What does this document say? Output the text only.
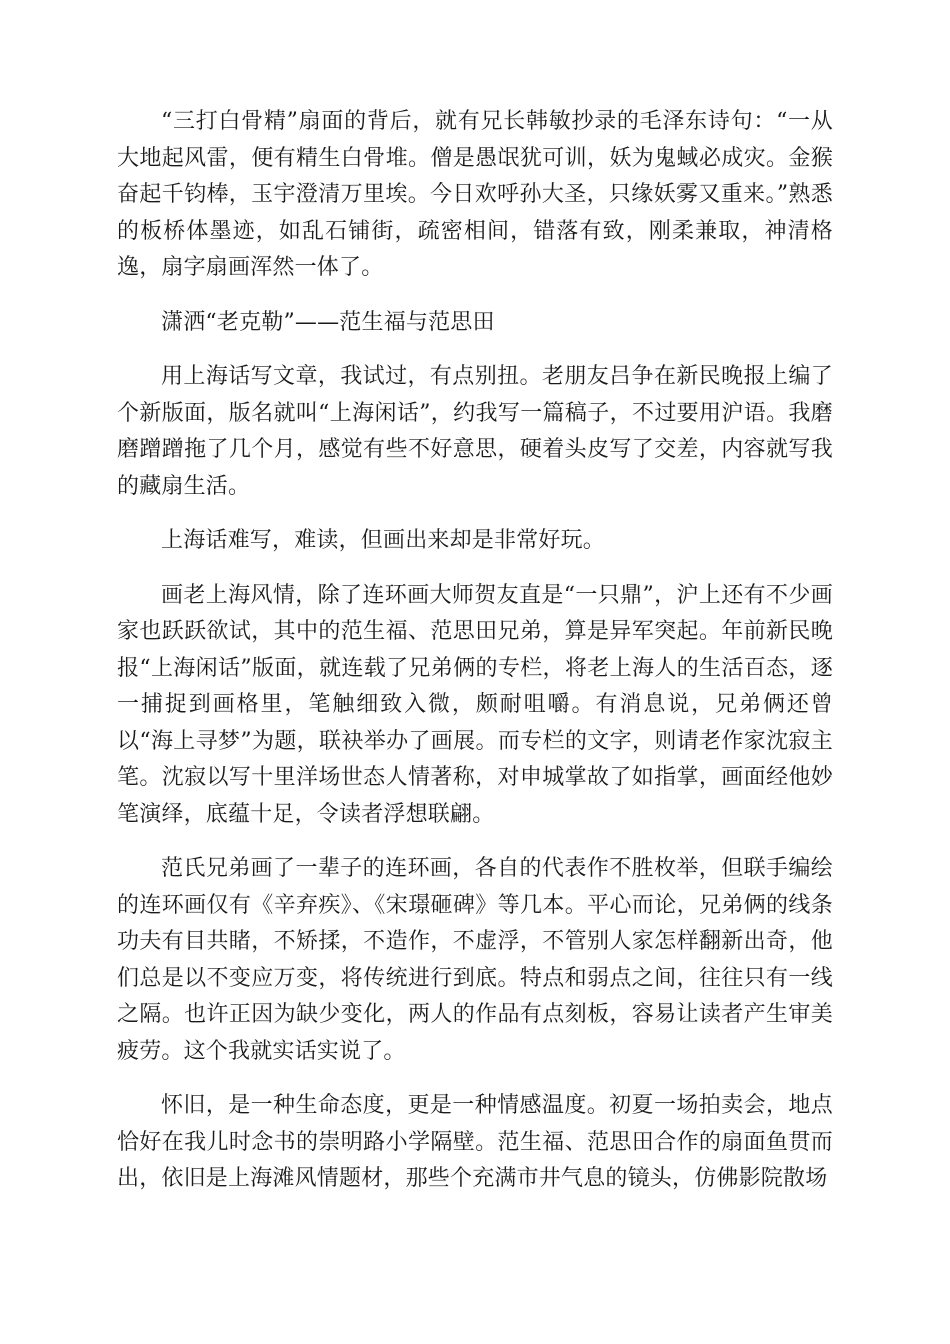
“三打白骨精”扇面的背后，就有兄长韩敏抄录的毛泽东诗句：“一从大地起风雷，便有精生白骨堆。僧是愚氓犹可训，妖为鬼蜮必成灾。金猴奋起千钧棒，玉宇澄清万里埃。今日欢呼孙大圣，只缘妖雾又重来。”熟悉的板桥体墨迹，如乱石铺街，疏密相间，错落有致，刚柔兼取，神清格逸，扇字扇画浑然一体了。

潇洒“老克勒”——范生福与范思田

用上海话写文章，我试过，有点别扭。老朋友吕争在新民晚报上编了个新版面，版名就叫“上海闲话”，约我写一篇稿子，不过要用沪语。我磨磨蹭蹭拖了几个月，感觉有些不好意思，硬着头皮写了交差，内容就写我的藏扇生活。

上海话难写，难读，但画出来却是非常好玩。

画老上海风情，除了连环画大师贺友直是“一只鼎”，沪上还有不少画家也跃跃欲试，其中的范生福、范思田兄弟，算是异军突起。年前新民晚报“上海闲话”版面，就连载了兄弟俩的专栏，将老上海人的生活百态，逐一捕捉到画格里，笔触细致入微，颇耐咀嚼。有消息说，兄弟俩还曾以“海上寻梦”为题，联袂举办了画展。而专栏的文字，则请老作家沈寂主笔。沈寂以写十里洋场世态人情著称，对申城掌故了如指掌，画面经他妙笔演绎，底蕴十足，令读者浮想联翩。

范氏兄弟画了一辈子的连环画，各自的代表作不胜枚举，但联手编绘的连环画仅有《辛弃疾》、《宋璟砸碑》等几本。平心而论，兄弟俩的线条功夫有目共睹，不矫揉，不造作，不虚浮，不管别人家怎样翻新出奇，他们总是以不变应万变，将传统进行到底。特点和弱点之间，往往只有一线之隔。也许正因为缺少变化，两人的作品有点刻板，容易让读者产生审美疲劳。这个我就实话实说了。

怀旧，是一种生命态度，更是一种情感温度。初夏一场拍卖会，地点恰好在我儿时念书的崇明路小学隔壁。范生福、范思田合作的扇面鱼贯而出，依旧是上海滩风情题材，那些个充满市井气息的镜头，仿佛影院散场
